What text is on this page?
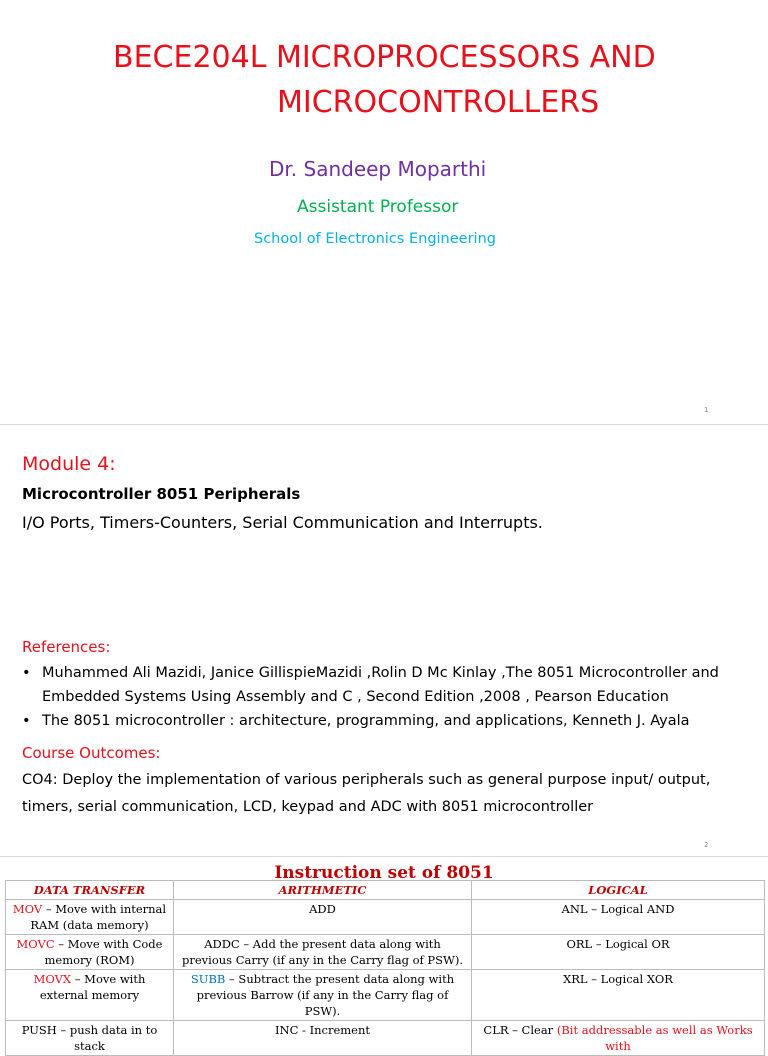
BECE204L MICROPROCESSORS AND
MICROCONTROLLERS
Dr. Sandeep Moparthi
Assistant Professor
School of Electronics Engineering
1
Module 4:
Microcontroller 8051 Peripherals
I/O Ports, Timers-Counters, Serial Communication and Interrupts.
References:
• Muhammed Ali Mazidi, Janice GillispieMazidi ,Rolin D Mc Kinlay ,The 8051 Microcontroller and Embedded Systems Using Assembly and C , Second Edition ,2008 , Pearson Education
• The 8051 microcontroller : architecture, programming, and applications, Kenneth J. Ayala
Course Outcomes:
CO4: Deploy the implementation of various peripherals such as general purpose input/ output, timers, serial communication, LCD, keypad and ADC with 8051 microcontroller
2
Instruction set of 8051
DATA TRANSFER	ARITHMETIC	LOGICAL
MOV – Move with internal RAM (data memory)	ADD	ANL – Logical AND
MOVC – Move with Code memory (ROM)	ADDC – Add the present data along with previous Carry (if any in the Carry flag of PSW).	ORL – Logical OR
MOVX – Move with external memory	SUBB – Subtract the present data along with previous Barrow (if any in the Carry flag of PSW).	XRL – Logical XOR
PUSH – push data in to stack	INC - Increment	CLR – Clear (Bit addressable as well as Works with
